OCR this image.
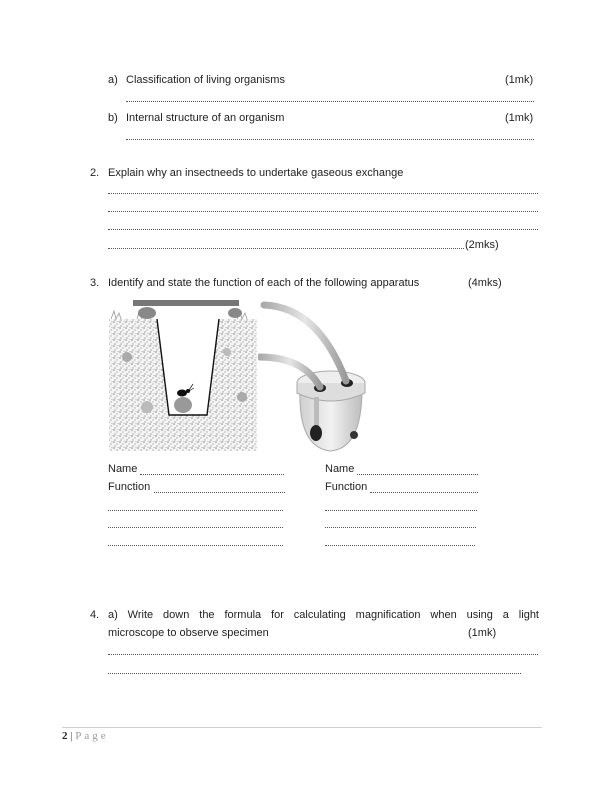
a) Classification of living organisms	(1mk)
b) Internal structure of an organism	(1mk)
2. Explain why an insectneeds to undertake gaseous exchange
(2mks)
3. Identify and state the function of each of the following apparatus	(4mks)
Name
Function
Name
Function
4. a) Write down the formula for calculating magnification when using a light
microscope to observe specimen	(1mk)
2 | Page
